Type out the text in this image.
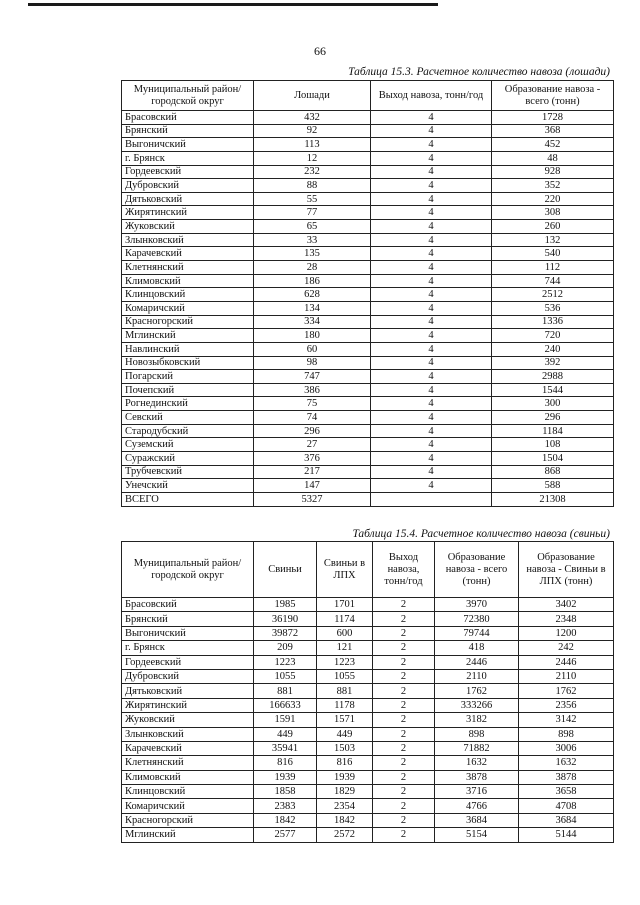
66
Таблица 15.3. Расчетное количество навоза (лошади)
Муниципальный район/городской округ	Лошади	Выход навоза, тонн/год	Образование навоза - всего (тонн)
Брасовский	432	4	1728
Брянский	92	4	368
Выгоничский	113	4	452
г. Брянск	12	4	48
Гордеевский	232	4	928
Дубровский	88	4	352
Дятьковский	55	4	220
Жирятинский	77	4	308
Жуковский	65	4	260
Злынковский	33	4	132
Карачевский	135	4	540
Клетнянский	28	4	112
Климовский	186	4	744
Клинцовский	628	4	2512
Комаричский	134	4	536
Красногорский	334	4	1336
Мглинский	180	4	720
Навлинский	60	4	240
Новозыбковский	98	4	392
Погарский	747	4	2988
Почепский	386	4	1544
Рогнединский	75	4	300
Севский	74	4	296
Стародубский	296	4	1184
Суземский	27	4	108
Суражский	376	4	1504
Трубчевский	217	4	868
Унечский	147	4	588
ВСЕГО	5327		21308
Таблица 15.4. Расчетное количество навоза (свиньи)
Муниципальный район/городской округ	Свиньи	Свиньи в ЛПХ	Выход навоза, тонн/год	Образование навоза - всего (тонн)	Образование навоза - Свиньи в ЛПХ (тонн)
Брасовский	1985	1701	2	3970	3402
Брянский	36190	1174	2	72380	2348
Выгоничский	39872	600	2	79744	1200
г. Брянск	209	121	2	418	242
Гордеевский	1223	1223	2	2446	2446
Дубровский	1055	1055	2	2110	2110
Дятьковский	881	881	2	1762	1762
Жирятинский	166633	1178	2	333266	2356
Жуковский	1591	1571	2	3182	3142
Злынковский	449	449	2	898	898
Карачевский	35941	1503	2	71882	3006
Клетнянский	816	816	2	1632	1632
Климовский	1939	1939	2	3878	3878
Клинцовский	1858	1829	2	3716	3658
Комаричский	2383	2354	2	4766	4708
Красногорский	1842	1842	2	3684	3684
Мглинский	2577	2572	2	5154	5144
